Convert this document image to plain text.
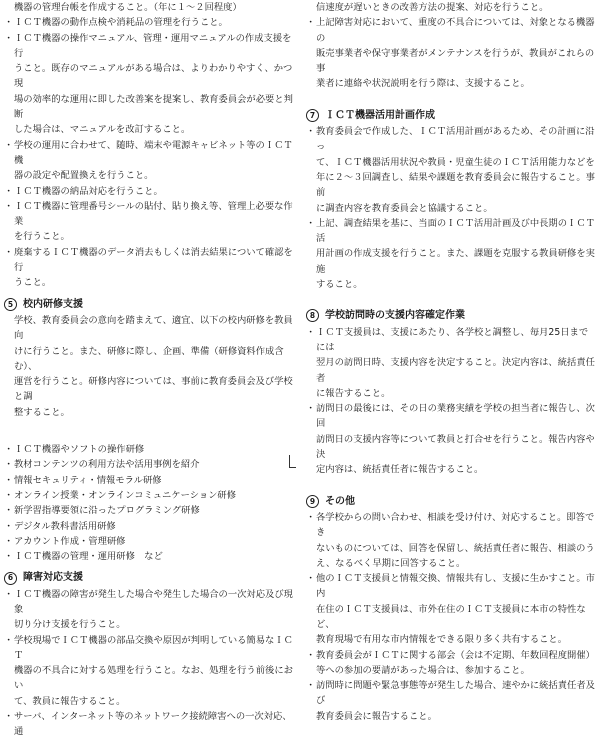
機器の管理台帳を作成すること。（年に１～２回程度）
・ ＩＣＴ機器の動作点検や消耗品の管理を行うこと。
・ ＩＣＴ機器の操作マニュアル、管理・運用マニュアルの作成支援を行
うこと。既存のマニュアルがある場合は、よりわかりやすく、かつ現
場の効率的な運用に即した改善案を提案し、教育委員会が必要と判断
した場合は、マニュアルを改訂すること。
・ 学校の運用に合わせて、随時、端末や電源キャビネット等のＩＣＴ機
器の設定や配置換えを行うこと。
・ ＩＣＴ機器の納品対応を行うこと。
・ ＩＣＴ機器に管理番号シールの貼付、貼り換え等、管理上必要な作業
を行うこと。
・ 廃棄するＩＣＴ機器のデータ消去もしくは消去結果について確認を行
うこと。
5 校内研修支援
学校、教育委員会の意向を踏まえて、適宜、以下の校内研修を教員向
けに行うこと。また、研修に際し、企画、準備（研修資料作成含む）、
運営を行うこと。研修内容については、事前に教育委員会及び学校と調
整すること。
・ ＩＣＴ機器やソフトの操作研修
・ 教材コンテンツの利用方法や活用事例を紹介
・ 情報セキュリティ・情報モラル研修
・ オンライン授業・オンラインコミュニケーション研修
・ 新学習指導要領に沿ったプログラミング研修
・ デジタル教科書活用研修
・ アカウント作成・管理研修
・ ＩＣＴ機器の管理・運用研修　など
6 障害対応支援
・ ＩＣＴ機器の障害が発生した場合や発生した場合の一次対応及び現象
切り分け支援を行うこと。
・ 学校現場でＩＣＴ機器の部品交換や原因が判明している簡易なＩＣＴ
機器の不具合に対する処理を行うこと。なお、処理を行う前後におい
て、教員に報告すること。
・ サーバ、インターネット等のネットワーク接続障害への一次対応、通
信速度が遅いときの改善方法の提案、対応を行うこと。
・ 上記障害対応において、重度の不具合については、対象となる機器の
販売事業者や保守事業者がメンテナンスを行うが、教員がこれらの事
業者に連絡や状況説明を行う際は、支援すること。
7 ＩＣＴ機器活用計画作成
・ 教育委員会で作成した、ＩＣＴ活用計画があるため、その計画に沿っ
て、ＩＣＴ機器活用状況や教員・児童生徒のＩＣＴ活用能力などを
年に２～３回調査し、結果や課題を教育委員会に報告すること。事前
に調査内容を教育委員会と協議すること。
・ 上記、調査結果を基に、当面のＩＣＴ活用計画及び中長期のＩＣＴ活
用計画の作成支援を行うこと。また、課題を克服する教員研修を実施
すること。
8 学校訪問時の支援内容確定作業
・ ＩＣＴ支援員は、支援にあたり、各学校と調整し、毎月25日までには
翌月の訪問日時、支援内容を決定すること。決定内容は、統括責任者
に報告すること。
・ 訪問日の最後には、その日の業務実績を学校の担当者に報告し、次回
訪問日の支援内容等について教員と打合せを行うこと。報告内容や決
定内容は、統括責任者に報告すること。
9 その他
・ 各学校からの問い合わせ、相談を受け付け、対応すること。即答でき
ないものについては、回答を保留し、統括責任者に報告、相談のう
え、なるべく早期に回答すること。
・ 他のＩＣＴ支援員と情報交換、情報共有し、支援に生かすこと。市内
在住のＩＣＴ支援員は、市外在住のＩＣＴ支援員に本市の特性など、
教育現場で有用な市内情報をできる限り多く共有すること。
・ 教育委員会がＩＣＴに関する部会（会は不定期、年数回程度開催）
等への参加の要請があった場合は、参加すること。
・ 訪問時に問題や緊急事態等が発生した場合、速やかに統括責任者及び
教育委員会に報告すること。
